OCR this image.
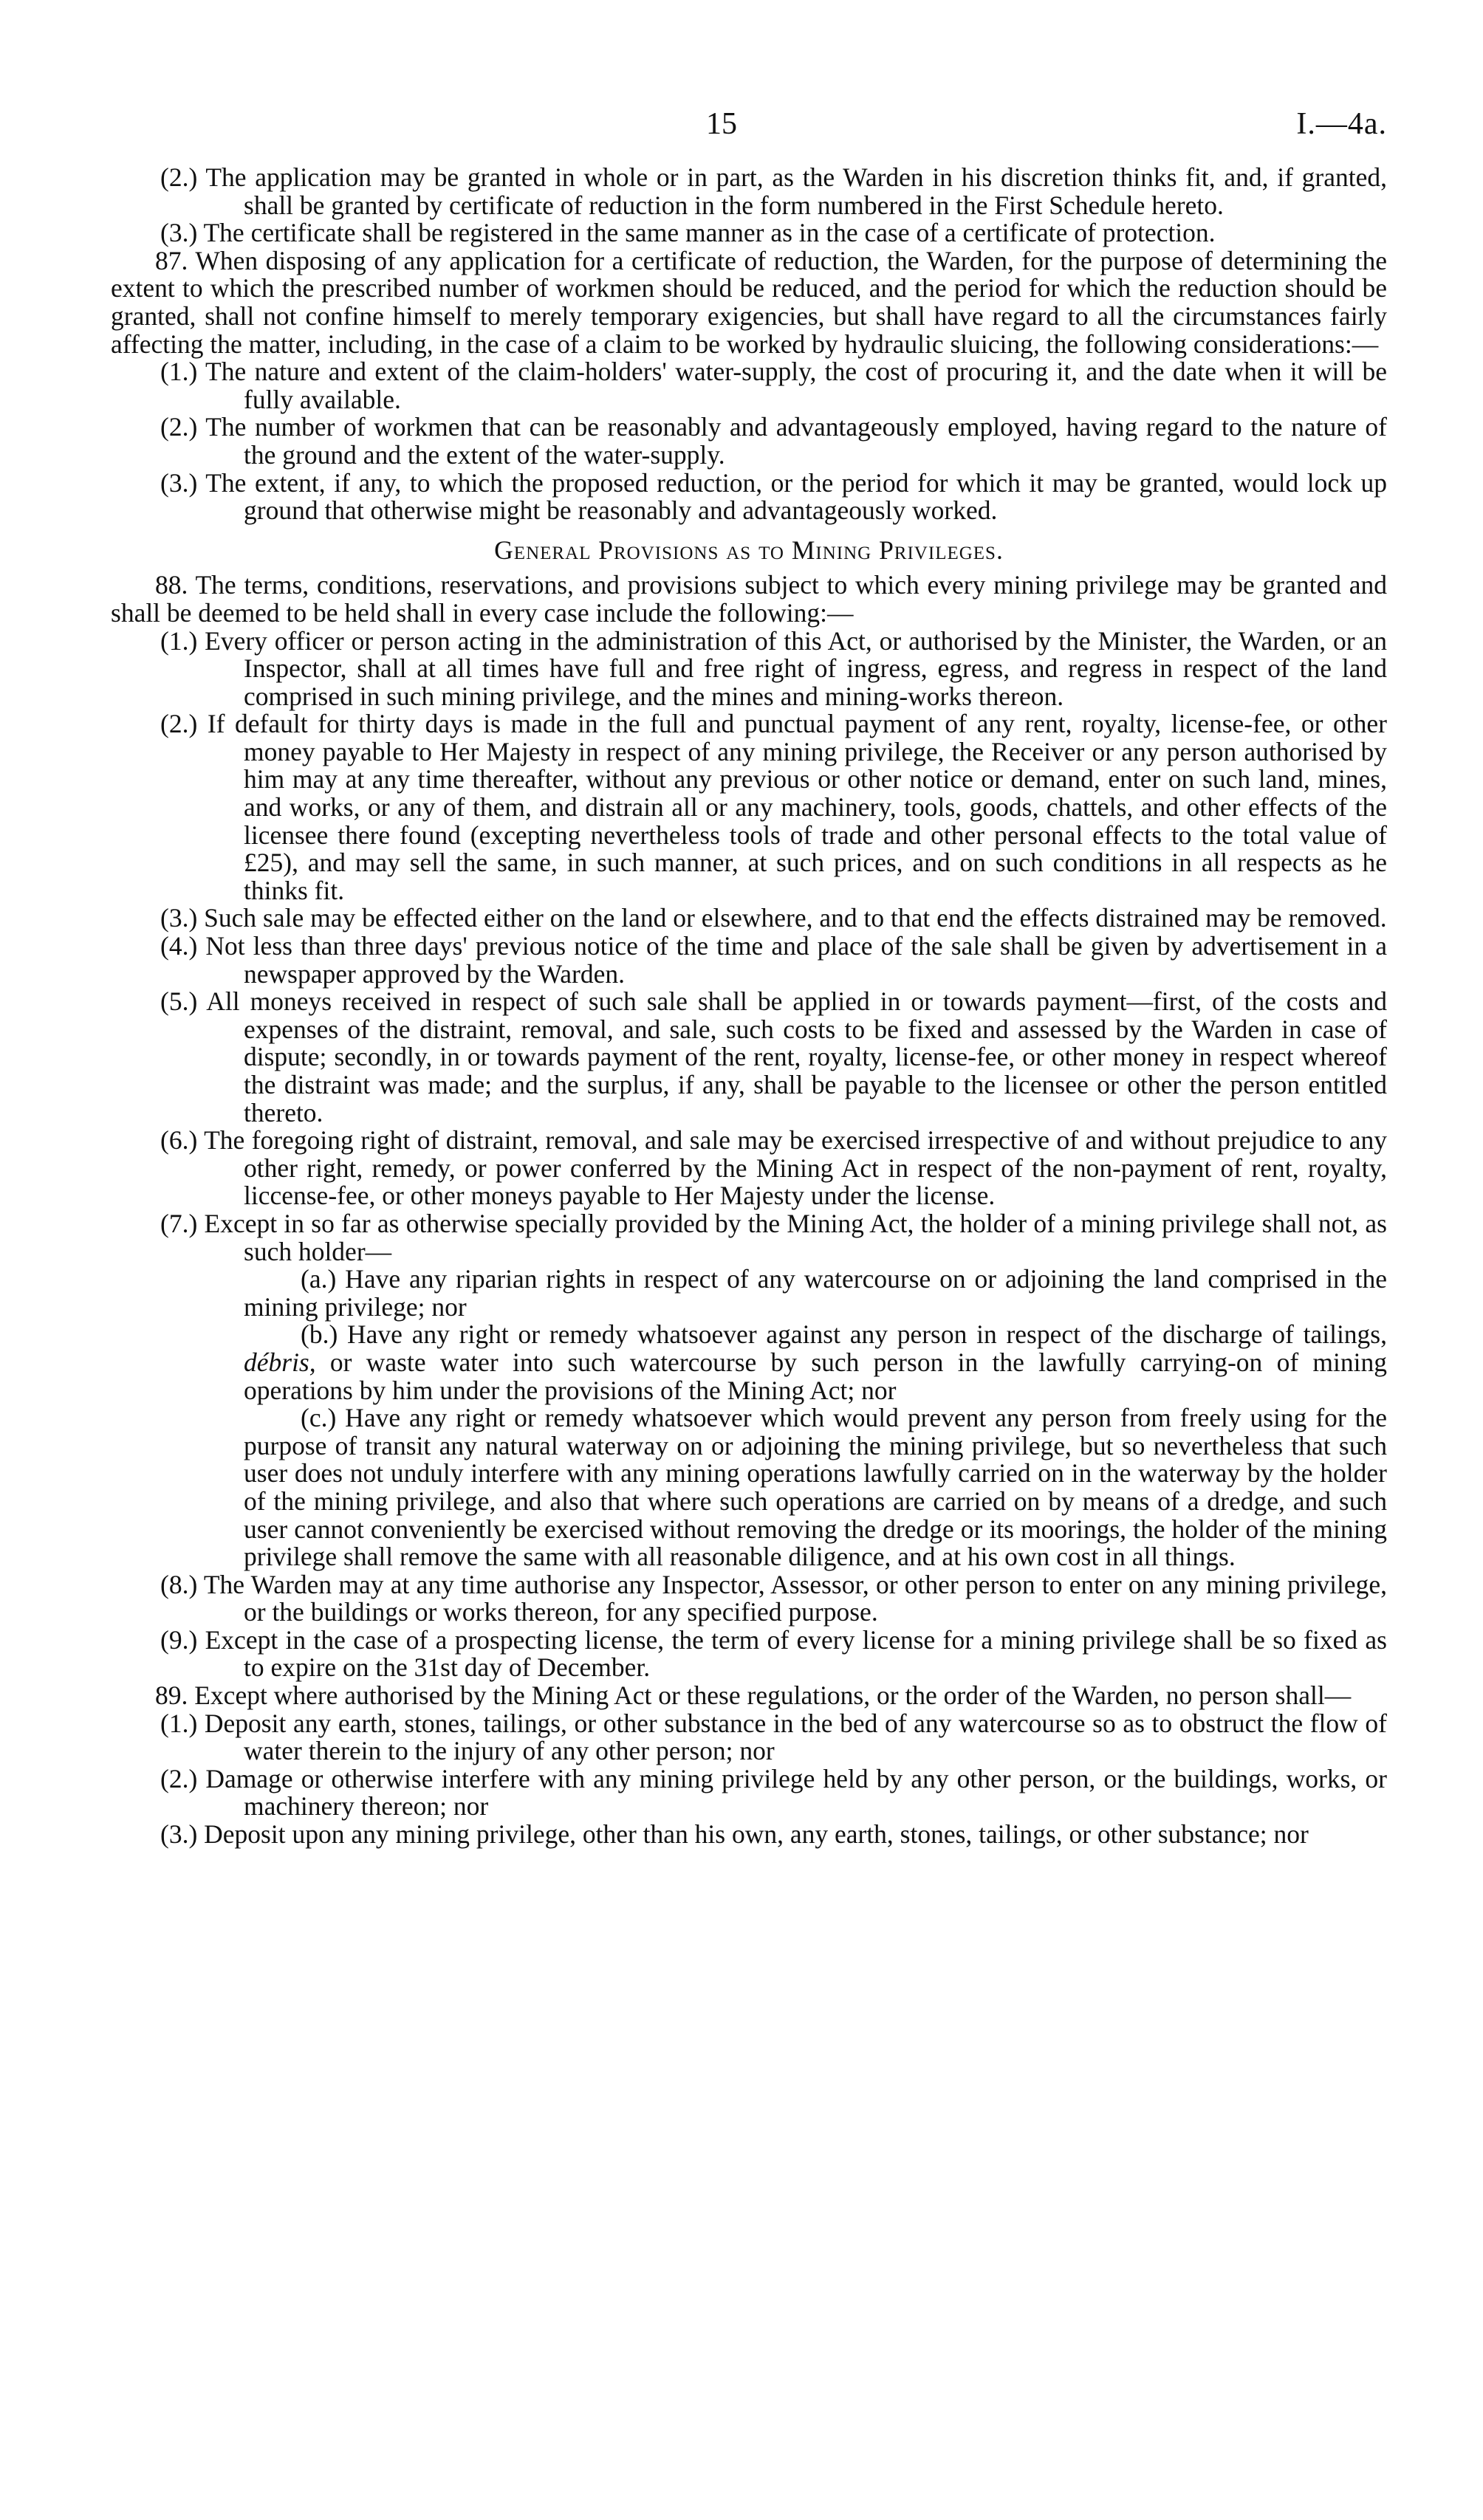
15	I.—4a.

(2.) The application may be granted in whole or in part, as the Warden in his discretion thinks fit, and, if granted, shall be granted by certificate of reduction in the form numbered in the First Schedule hereto.

(3.) The certificate shall be registered in the same manner as in the case of a certificate of protection.

87. When disposing of any application for a certificate of reduction, the Warden, for the purpose of determining the extent to which the prescribed number of workmen should be reduced, and the period for which the reduction should be granted, shall not confine himself to merely temporary exigencies, but shall have regard to all the circumstances fairly affecting the matter, including, in the case of a claim to be worked by hydraulic sluicing, the following considerations:—

(1.) The nature and extent of the claim-holders' water-supply, the cost of procuring it, and the date when it will be fully available.

(2.) The number of workmen that can be reasonably and advantageously employed, having regard to the nature of the ground and the extent of the water-supply.

(3.) The extent, if any, to which the proposed reduction, or the period for which it may be granted, would lock up ground that otherwise might be reasonably and advantageously worked.

General Provisions as to Mining Privileges.

88. The terms, conditions, reservations, and provisions subject to which every mining privilege may be granted and shall be deemed to be held shall in every case include the following:—

(1.) Every officer or person acting in the administration of this Act, or authorised by the Minister, the Warden, or an Inspector, shall at all times have full and free right of ingress, egress, and regress in respect of the land comprised in such mining privilege, and the mines and mining-works thereon.

(2.) If default for thirty days is made in the full and punctual payment of any rent, royalty, license-fee, or other money payable to Her Majesty in respect of any mining privilege, the Receiver or any person authorised by him may at any time thereafter, without any previous or other notice or demand, enter on such land, mines, and works, or any of them, and distrain all or any machinery, tools, goods, chattels, and other effects of the licensee there found (excepting nevertheless tools of trade and other personal effects to the total value of £25), and may sell the same, in such manner, at such prices, and on such conditions in all respects as he thinks fit.

(3.) Such sale may be effected either on the land or elsewhere, and to that end the effects distrained may be removed.

(4.) Not less than three days' previous notice of the time and place of the sale shall be given by advertisement in a newspaper approved by the Warden.

(5.) All moneys received in respect of such sale shall be applied in or towards payment—first, of the costs and expenses of the distraint, removal, and sale, such costs to be fixed and assessed by the Warden in case of dispute; secondly, in or towards payment of the rent, royalty, license-fee, or other money in respect whereof the distraint was made; and the surplus, if any, shall be payable to the licensee or other the person entitled thereto.

(6.) The foregoing right of distraint, removal, and sale may be exercised irrespective of and without prejudice to any other right, remedy, or power conferred by the Mining Act in respect of the non-payment of rent, royalty, liccense-fee, or other moneys payable to Her Majesty under the license.

(7.) Except in so far as otherwise specially provided by the Mining Act, the holder of a mining privilege shall not, as such holder—

(a.) Have any riparian rights in respect of any watercourse on or adjoining the land comprised in the mining privilege; nor

(b.) Have any right or remedy whatsoever against any person in respect of the discharge of tailings, débris, or waste water into such watercourse by such person in the lawfully carrying-on of mining operations by him under the provisions of the Mining Act; nor

(c.) Have any right or remedy whatsoever which would prevent any person from freely using for the purpose of transit any natural waterway on or adjoining the mining privilege, but so nevertheless that such user does not unduly interfere with any mining operations lawfully carried on in the waterway by the holder of the mining privilege, and also that where such operations are carried on by means of a dredge, and such user cannot conveniently be exercised without removing the dredge or its moorings, the holder of the mining privilege shall remove the same with all reasonable diligence, and at his own cost in all things.

(8.) The Warden may at any time authorise any Inspector, Assessor, or other person to enter on any mining privilege, or the buildings or works thereon, for any specified purpose.

(9.) Except in the case of a prospecting license, the term of every license for a mining privilege shall be so fixed as to expire on the 31st day of December.

89. Except where authorised by the Mining Act or these regulations, or the order of the Warden, no person shall—

(1.) Deposit any earth, stones, tailings, or other substance in the bed of any watercourse so as to obstruct the flow of water therein to the injury of any other person; nor

(2.) Damage or otherwise interfere with any mining privilege held by any other person, or the buildings, works, or machinery thereon; nor

(3.) Deposit upon any mining privilege, other than his own, any earth, stones, tailings, or other substance; nor
